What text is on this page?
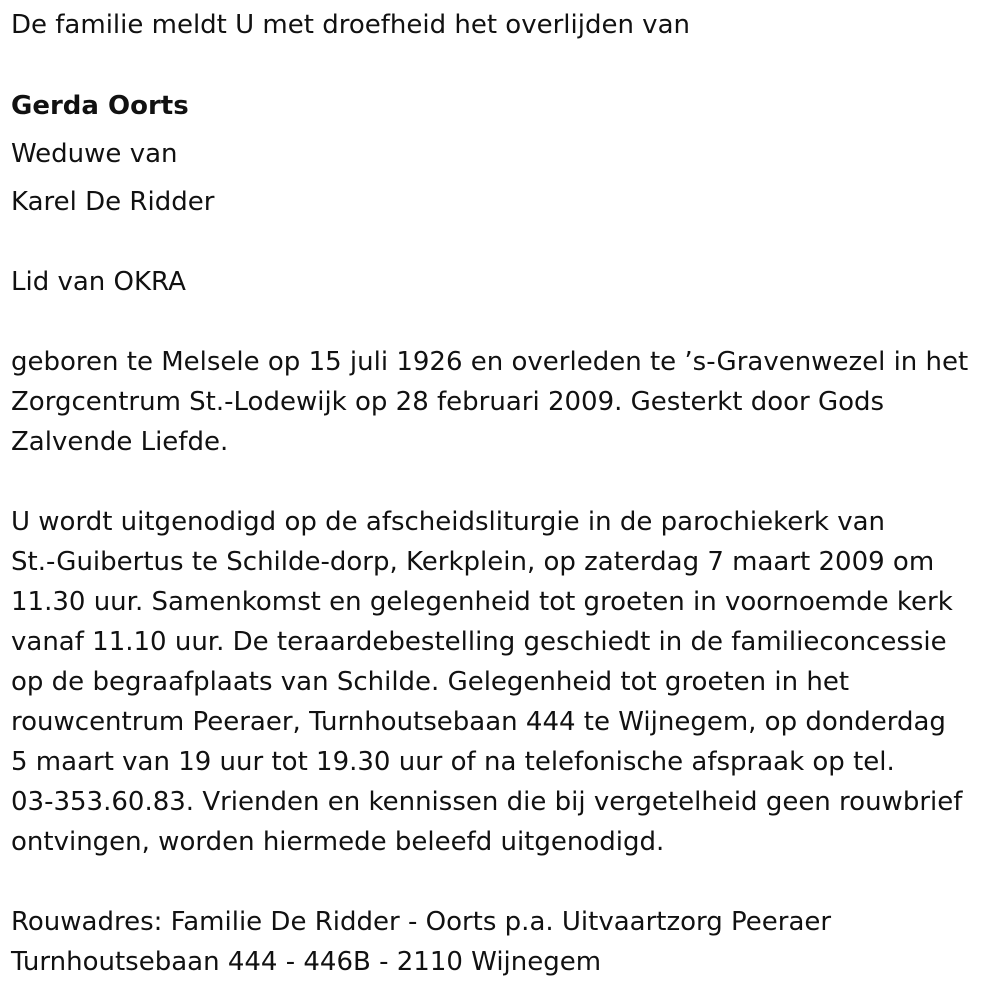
De familie meldt U met droefheid het overlijden van
Gerda Oorts
Weduwe van
Karel De Ridder
Lid van OKRA
geboren te Melsele op 15 juli 1926 en overleden te ’s-Gravenwezel in het
Zorgcentrum St.-Lodewijk op 28 februari 2009. Gesterkt door Gods
Zalvende Liefde.
U wordt uitgenodigd op de afscheidsliturgie in de parochiekerk van
St.-Guibertus te Schilde-dorp, Kerkplein, op zaterdag 7 maart 2009 om
11.30 uur. Samenkomst en gelegenheid tot groeten in voornoemde kerk
vanaf 11.10 uur. De teraardebestelling geschiedt in de familieconcessie
op de begraafplaats van Schilde. Gelegenheid tot groeten in het
rouwcentrum Peeraer, Turnhoutsebaan 444 te Wijnegem, op donderdag
5 maart van 19 uur tot 19.30 uur of na telefonische afspraak op tel.
03-353.60.83. Vrienden en kennissen die bij vergetelheid geen rouwbrief
ontvingen, worden hiermede beleefd uitgenodigd.
Rouwadres: Familie De Ridder - Oorts p.a. Uitvaartzorg Peeraer
Turnhoutsebaan 444 - 446B - 2110 Wijnegem
